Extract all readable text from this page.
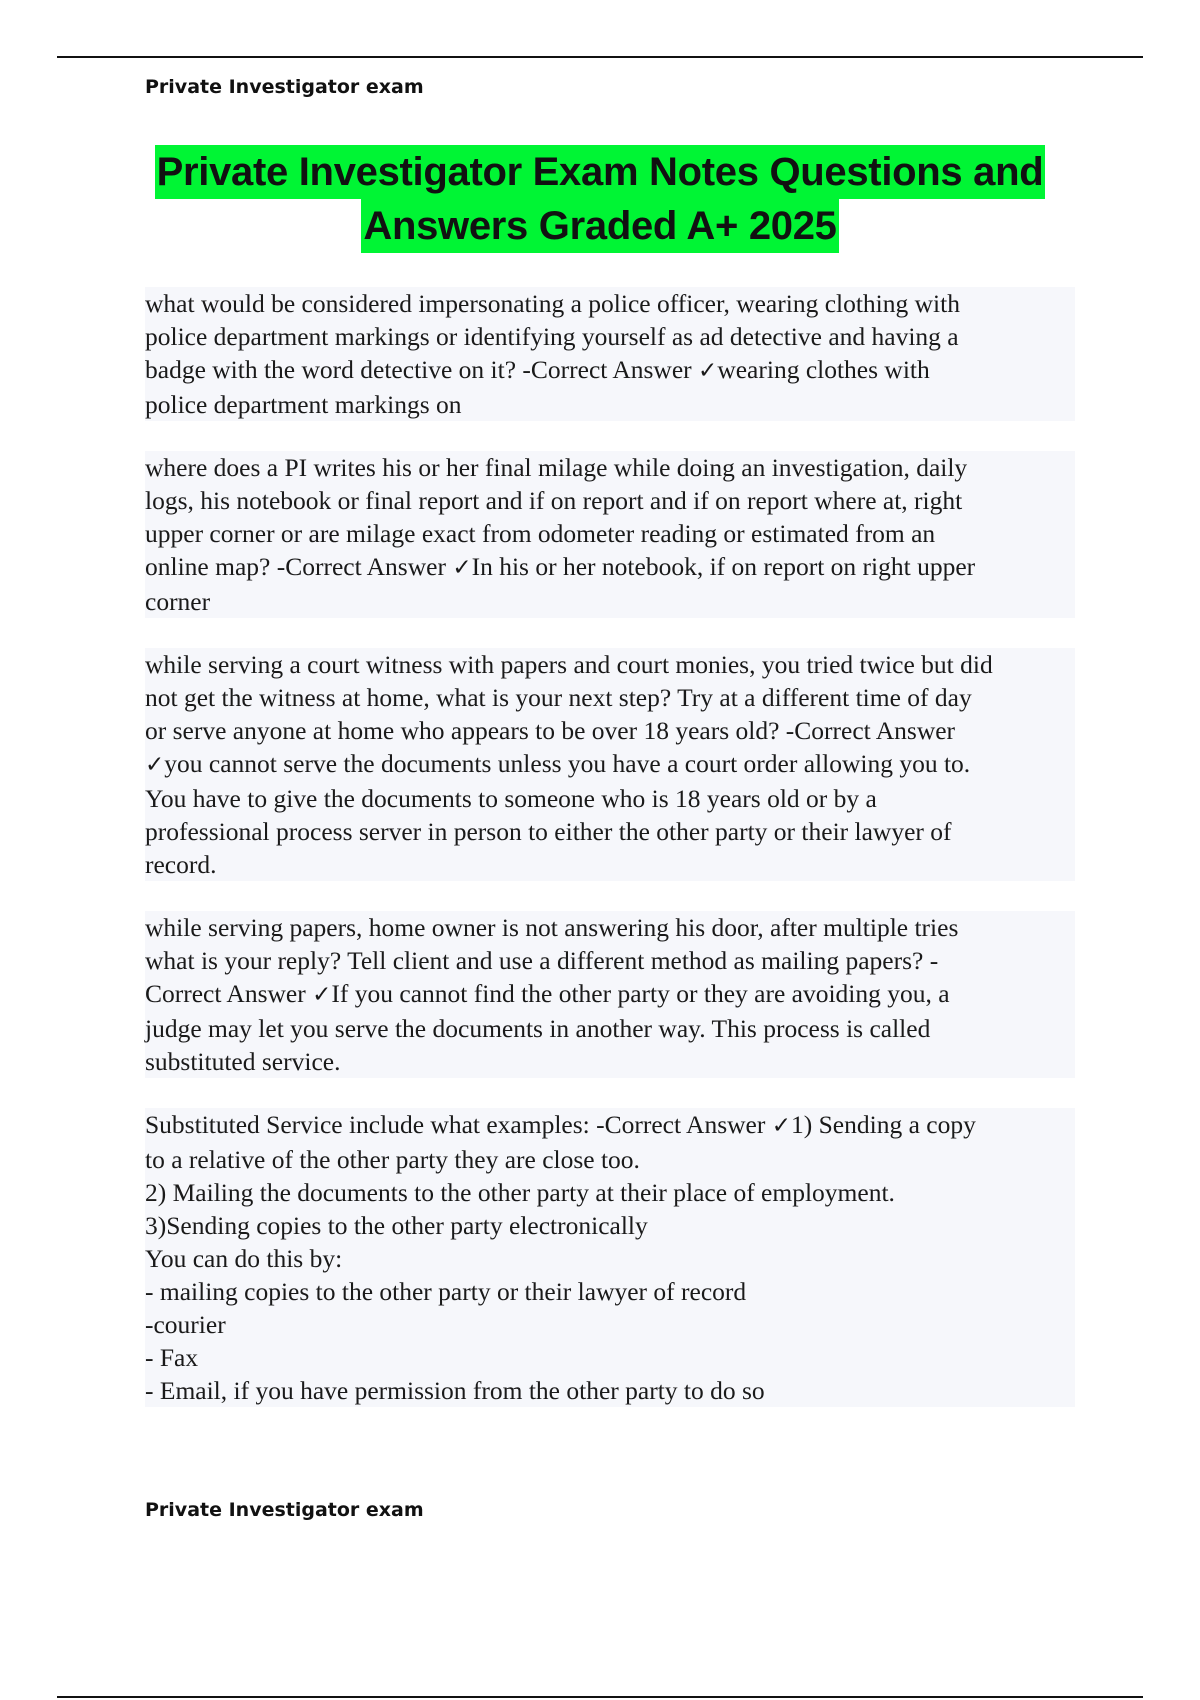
Private Investigator exam
Private Investigator Exam Notes Questions and
Answers Graded A+ 2025

what would be considered impersonating a police officer, wearing clothing with
police department markings or identifying yourself as ad detective and having a
badge with the word detective on it? -Correct Answer ✓wearing clothes with
police department markings on

where does a PI writes his or her final milage while doing an investigation, daily
logs, his notebook or final report and if on report and if on report where at, right
upper corner or are milage exact from odometer reading or estimated from an
online map? -Correct Answer ✓In his or her notebook, if on report on right upper
corner

while serving a court witness with papers and court monies, you tried twice but did
not get the witness at home, what is your next step? Try at a different time of day
or serve anyone at home who appears to be over 18 years old? -Correct Answer
✓you cannot serve the documents unless you have a court order allowing you to.
You have to give the documents to someone who is 18 years old or by a
professional process server in person to either the other party or their lawyer of
record.

while serving papers, home owner is not answering his door, after multiple tries
what is your reply? Tell client and use a different method as mailing papers? -
Correct Answer ✓If you cannot find the other party or they are avoiding you, a
judge may let you serve the documents in another way. This process is called
substituted service.

Substituted Service include what examples: -Correct Answer ✓1) Sending a copy
to a relative of the other party they are close too.
2) Mailing the documents to the other party at their place of employment.
3)Sending copies to the other party electronically
You can do this by:
- mailing copies to the other party or their lawyer of record
-courier
- Fax
- Email, if you have permission from the other party to do so

Private Investigator exam
